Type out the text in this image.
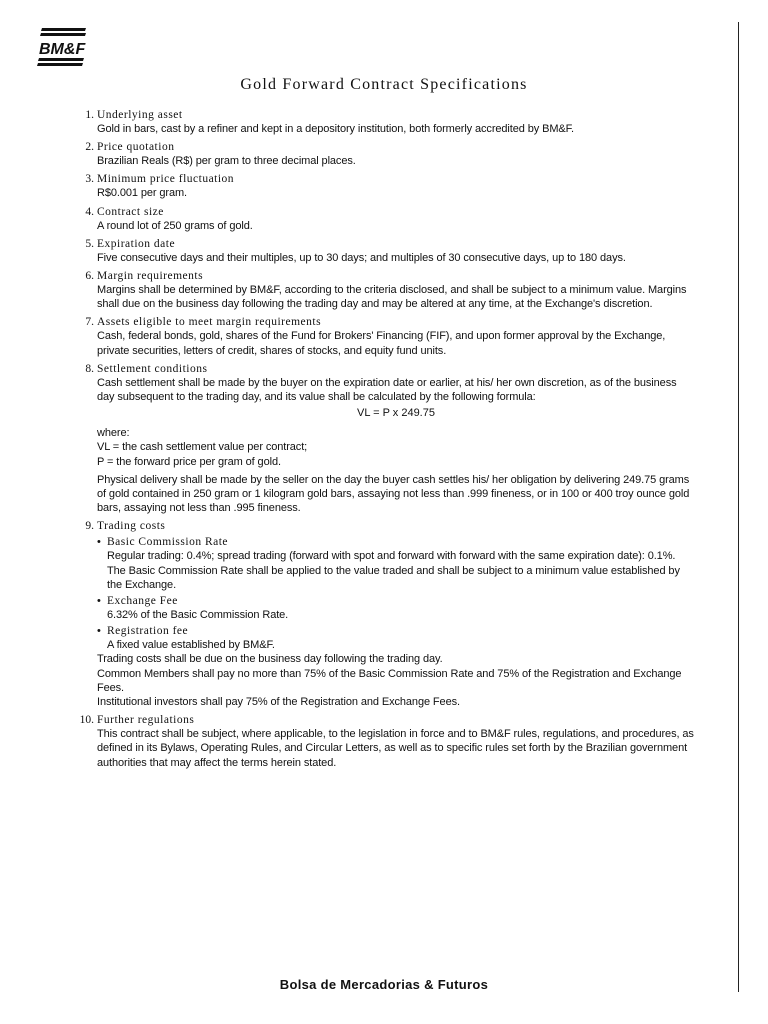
BM&F
Gold Forward Contract Specifications
1. Underlying asset
Gold in bars, cast by a refiner and kept in a depository institution, both formerly accredited by BM&F.
2. Price quotation
Brazilian Reals (R$) per gram to three decimal places.
3. Minimum price fluctuation
R$0.001 per gram.
4. Contract size
A round lot of 250 grams of gold.
5. Expiration date
Five consecutive days and their multiples, up to 30 days; and multiples of 30 consecutive days, up to 180 days.
6. Margin requirements
Margins shall be determined by BM&F, according to the criteria disclosed, and shall be subject to a minimum value. Margins shall due on the business day following the trading day and may be altered at any time, at the Exchange's discretion.
7. Assets eligible to meet margin requirements
Cash, federal bonds, gold, shares of the Fund for Brokers' Financing (FIF), and upon former approval by the Exchange, private securities, letters of credit, shares of stocks, and equity fund units.
8. Settlement conditions
Cash settlement shall be made by the buyer on the expiration date or earlier, at his/ her own discretion, as of the business day subsequent to the trading day, and its value shall be calculated by the following formula:
VL = P x 249.75
where:
VL = the cash settlement value per contract;
P = the forward price per gram of gold.
Physical delivery shall be made by the seller on the day the buyer cash settles his/ her obligation by delivering 249.75 grams of gold contained in 250 gram or 1 kilogram gold bars, assaying not less than .999 fineness, or in 100 or 400 troy ounce gold bars, assaying not less than .995 fineness.
9. Trading costs
• Basic Commission Rate
Regular trading: 0.4%; spread trading (forward with spot and forward with forward with the same expiration date): 0.1%.
The Basic Commission Rate shall be applied to the value traded and shall be subject to a minimum value established by the Exchange.
• Exchange Fee
6.32% of the Basic Commission Rate.
• Registration fee
A fixed value established by BM&F.
Trading costs shall be due on the business day following the trading day.
Common Members shall pay no more than 75% of the Basic Commission Rate and 75% of the Registration and Exchange Fees.
Institutional investors shall pay 75% of the Registration and Exchange Fees.
10. Further regulations
This contract shall be subject, where applicable, to the legislation in force and to BM&F rules, regulations, and procedures, as defined in its Bylaws, Operating Rules, and Circular Letters, as well as to specific rules set forth by the Brazilian government authorities that may affect the terms herein stated.
Bolsa de Mercadorias & Futuros
